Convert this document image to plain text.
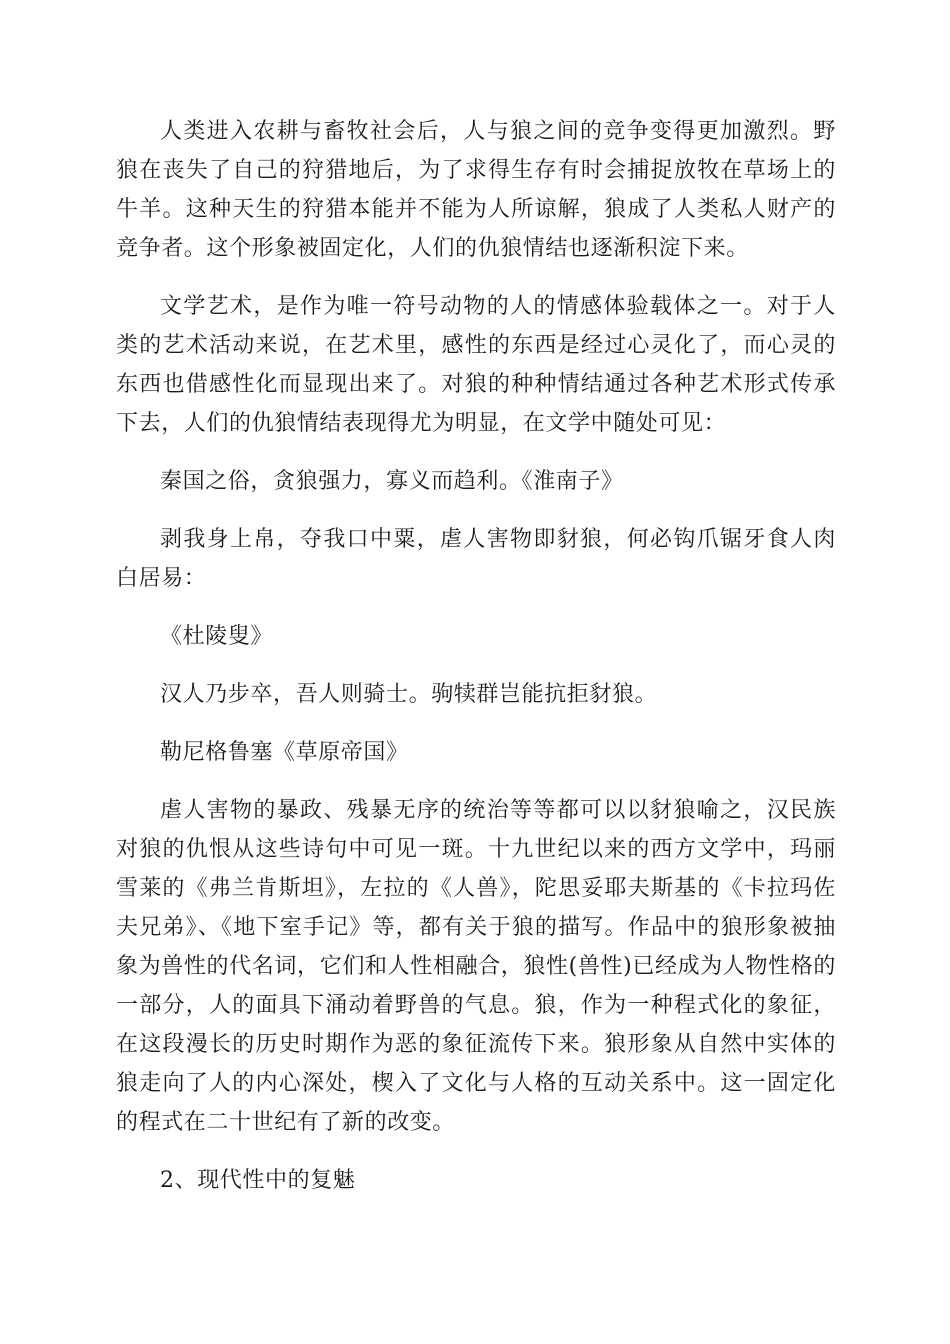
人类进入农耕与畜牧社会后，人与狼之间的竞争变得更加激烈。野狼在丧失了自己的狩猎地后，为了求得生存有时会捕捉放牧在草场上的牛羊。这种天生的狩猎本能并不能为人所谅解，狼成了人类私人财产的竞争者。这个形象被固定化，人们的仇狼情结也逐渐积淀下来。

文学艺术，是作为唯一符号动物的人的情感体验载体之一。对于人类的艺术活动来说，在艺术里，感性的东西是经过心灵化了，而心灵的东西也借感性化而显现出来了。对狼的种种情结通过各种艺术形式传承下去，人们的仇狼情结表现得尤为明显，在文学中随处可见：

秦国之俗，贪狼强力，寡义而趋利。《淮南子》

剥我身上帛，夺我口中粟，虐人害物即豺狼，何必钩爪锯牙食人肉白居易：

《杜陵叟》

汉人乃步卒，吾人则骑士。驹犊群岂能抗拒豺狼。

勒尼格鲁塞《草原帝国》

虐人害物的暴政、残暴无序的统治等等都可以以豺狼喻之，汉民族对狼的仇恨从这些诗句中可见一斑。十九世纪以来的西方文学中，玛丽雪莱的《弗兰肯斯坦》，左拉的《人兽》，陀思妥耶夫斯基的《卡拉玛佐夫兄弟》、《地下室手记》等，都有关于狼的描写。作品中的狼形象被抽象为兽性的代名词，它们和人性相融合，狼性(兽性)已经成为人物性格的一部分，人的面具下涌动着野兽的气息。狼，作为一种程式化的象征，在这段漫长的历史时期作为恶的象征流传下来。狼形象从自然中实体的狼走向了人的内心深处，楔入了文化与人格的互动关系中。这一固定化的程式在二十世纪有了新的改变。

2、现代性中的复魅
